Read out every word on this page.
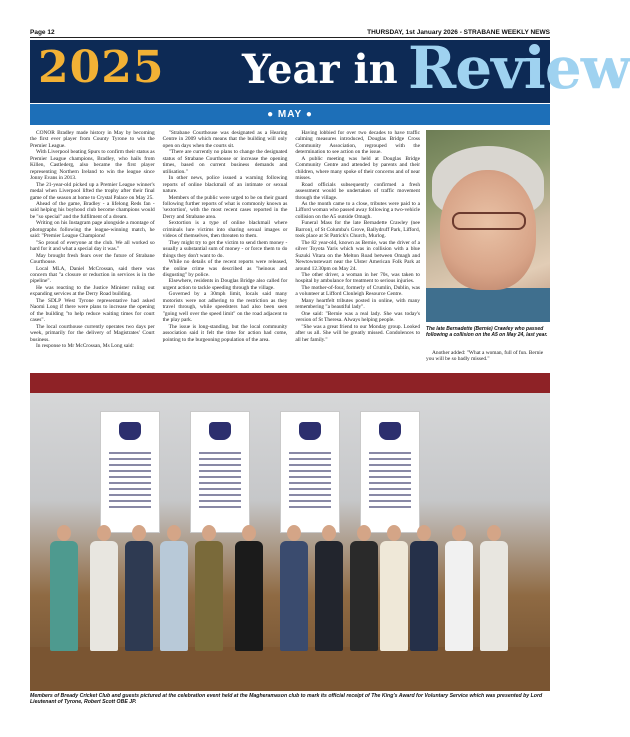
Page 12	THURSDAY, 1st January 2026 - STRABANE WEEKLY NEWS
2025 Year in Review
● MAY ●

CONOR Bradley made history in May by becoming the first ever player from County Tyrone to win the Premier League.

With Liverpool beating Spurs to confirm their status as Premier League champions, Bradley, who hails from Killen, Castlederg, also became the first player representing Northern Ireland to win the league since Jonny Evans in 2013.

The 21-year-old picked up a Premier League winner's medal when Liverpool lifted the trophy after their final game of the season at home to Crystal Palace on May 25.

Ahead of the game, Bradley - a lifelong Reds fan - said helping his boyhood club become champions would be "so special" and the fulfilment of a dream.

Writing on his Instagram page alongside a montage of photographs following the league-winning match, he said: "Premier League Champions!

"So proud of everyone at the club. We all worked so hard for it and what a special day it was."

May brought fresh fears over the future of Strabane Courthouse.

Local MLA, Daniel McCrossan, said there was concern that "a closure or reduction in services is in the pipeline".

He was reacting to the Justice Minister ruling out expanding services at the Derry Road building.

The SDLP West Tyrone representative had asked Naomi Long if there were plans to increase the opening of the building "to help reduce waiting times for court cases".

The local courthouse currently operates two days per week, primarily for the delivery of Magistrates' Court business.

In response to Mr McCrossan, Ms Long said:

"Strabane Courthouse was designated as a Hearing Centre in 2009 which means that the building will only open on days when the courts sit.

"There are currently no plans to change the designated status of Strabane Courthouse or increase the opening times, based on current business demands and utilisation."

In other news, police issued a warning following reports of online blackmail of an intimate or sexual nature.

Members of the public were urged to be on their guard following further reports of what is commonly known as 'sextortion', with the most recent cases reported in the Derry and Strabane area.

Sextortion is a type of online blackmail where criminals lure victims into sharing sexual images or videos of themselves, then threaten to them.

They might try to get the victim to send them money - usually a substantial sum of money - or force them to do things they don't want to do.

While no details of the recent reports were released, the online crime was described as "heinous and disgusting" by police.

Elsewhere, residents in Douglas Bridge also called for urgent action to tackle speeding through the village.

Governed by a 30mph limit, locals said many motorists were not adhering to the restriction as they travel through, while speedsters had also been seen "going well over the speed limit" on the road adjacent to the play park.

The issue is long-standing, but the local community association said it felt the time for action had come, pointing to the burgeoning population of the area.

Having lobbied for over two decades to have traffic calming measures introduced, Douglas Bridge Cross Community Association, regrouped with the determination to see action on the issue.

A public meeting was held at Douglas Bridge Community Centre and attended by parents and their children, where many spoke of their concerns and of near misses.

Road officials subsequently confirmed a fresh assessment would be undertaken of traffic movement through the village.

As the month came to a close, tributes were paid to a Lifford woman who passed away following a two-vehicle collision on the A5 outside Omagh.

Funeral Mass for the late Bernadette Crawley (nee Barron), of St Columba's Grove, Ballydruff Park, Lifford, took place at St Patrick's Church, Murlog.

The 82 year-old, known as Bernie, was the driver of a silver Toyota Yaris which was in collision with a blue Suzuki Vitara on the Melton Road between Omagh and Newtownstewart near the Ulster American Folk Park at around 12.30pm on May 24.

The other driver, a woman in her 70s, was taken to hospital by ambulance for treatment to serious injuries.

The mother-of-four, formerly of Crumlin, Dublin, was a volunteer at Lifford Clonleigh Resource Centre.

Many heartfelt tributes posted in online, with many remembering "a beautiful lady".

One said: "Bernie was a real lady. She was today's version of St Theresa. Always helping people.

"She was a great friend to our Monday group. Looked after us all. She will be greatly missed. Condolences to all her family."

The late Bernadette (Bernie) Crawley who passed following a collision on the A5 on May 24, last year.
Another added: "What a woman, full of fun. Bernie you will be so badly missed."
Members of Bready Cricket Club and guests pictured at the celebration event held at the Magheramason club to mark its official receipt of The King's Award for Voluntary Service which was presented by Lord Lieutenant of Tyrone, Robert Scott OBE JP.
